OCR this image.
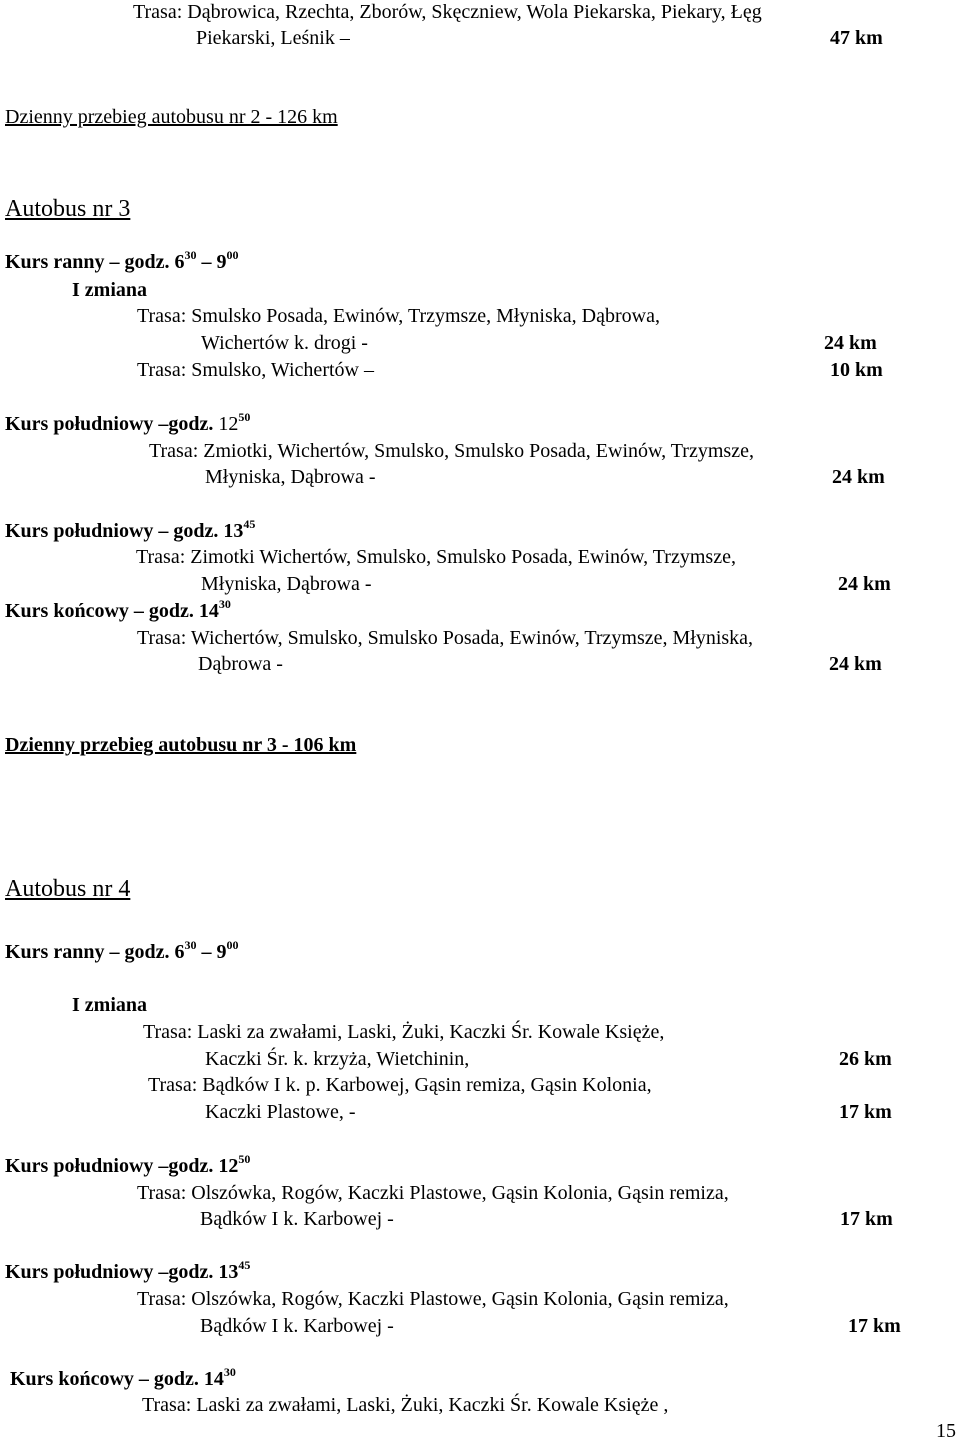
Trasa: Dąbrowica, Rzechta, Zborów, Skęczniew, Wola Piekarska, Piekary, Łęg
Piekarski, Leśnik –	47 km
Dzienny przebieg autobusu nr 2 - 126 km
Autobus nr 3
Kurs ranny – godz. $6^{30} - 9^{00}$
I zmiana
Trasa: Smulsko Posada, Ewinów, Trzymsze, Młyniska, Dąbrowa,
Wichertów k. drogi -	24 km
Trasa: Smulsko, Wichertów –	10 km
Kurs południowy –godz. $12^{50}$
Trasa: Zmiotki, Wichertów, Smulsko, Smulsko Posada, Ewinów, Trzymsze,
Młyniska, Dąbrowa -	24 km
Kurs południowy – godz. $13^{45}$
Trasa: Zimotki Wichertów, Smulsko, Smulsko Posada, Ewinów, Trzymsze,
Młyniska, Dąbrowa -	24 km
Kurs końcowy – godz. $14^{30}$
Trasa: Wichertów, Smulsko, Smulsko Posada, Ewinów, Trzymsze, Młyniska,
Dąbrowa -	24 km
Dzienny przebieg autobusu nr 3 - 106 km
Autobus nr 4
Kurs ranny – godz. $6^{30} - 9^{00}$
I zmiana
Trasa: Laski za zwałami, Laski, Żuki, Kaczki Śr. Kowale Księże,
Kaczki Śr. k. krzyża, Wietchinin,	26 km
Trasa: Bądków I k. p. Karbowej, Gąsin remiza, Gąsin Kolonia,
Kaczki Plastowe, -	17 km
Kurs południowy –godz. $12^{50}$
Trasa: Olszówka, Rogów, Kaczki Plastowe, Gąsin Kolonia, Gąsin remiza,
Bądków I k. Karbowej -	17 km
Kurs południowy –godz. $13^{45}$
Trasa: Olszówka, Rogów, Kaczki Plastowe, Gąsin Kolonia, Gąsin remiza,
Bądków I k. Karbowej -	17 km
Kurs końcowy – godz. $14^{30}$
Trasa: Laski za zwałami, Laski, Żuki, Kaczki Śr. Kowale Księże ,
15
